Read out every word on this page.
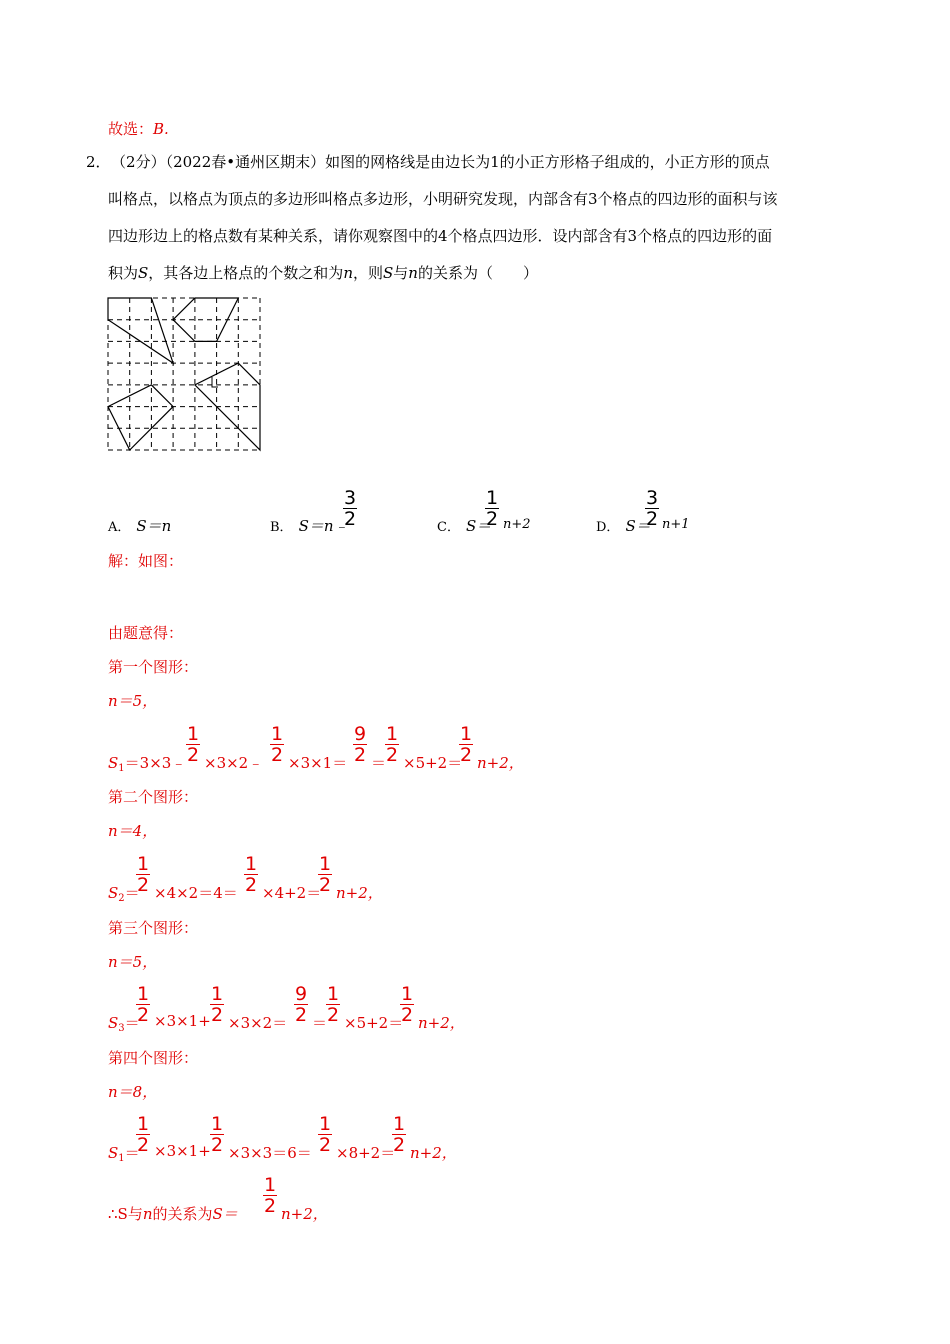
故选：B.
2． （2分）（2022春•通州区期末）如图的网格线是由边长为1的小正方形格子组成的，小正方形的顶点
叫格点，以格点为顶点的多边形叫格点多边形，小明研究发现，内部含有3个格点的四边形的面积与该
四边形边上的格点数有某种关系，请你观察图中的4个格点四边形．设内部含有3个格点的四边形的面
积为S，其各边上格点的个数之和为n，则S与n的关系为（　　）
A． S＝n	B． S＝n﹣
$\frac{3}{2}$	C． S＝
$\frac{1}{2} n+2$	D． S＝
$\frac{3}{2} n+1$
解：如图：
由题意得：
第一个图形：
n＝5，
$S_1=3\times 3﹣ \frac{1}{2}$ ×3×2﹣ $\frac{1}{2} \times 3\times 1= \frac{9}{2}$ ＝
$\frac{1}{2} \times 5+2=$
$\frac{1}{2} n+2$，
第二个图形：
n＝4，
$S_2=$
$\frac{1}{2} \times 4\times 2=4= \frac{1}{2} \times 4+2=$
$\frac{1}{2} n+2$，
第三个图形：
n＝5，
$S_3=$
$\frac{1}{2} \times 3\times 1+ \frac{1}{2} \times 3\times 2= \frac{9}{2}$ ＝
$\frac{1}{2} \times 5+2=$
$\frac{1}{2} n+2$，
第四个图形：
n＝8，
$S_1=$
$\frac{1}{2} \times 3\times 1+ \frac{1}{2} \times 3\times 3=6= \frac{1}{2} \times 8+2=$
$\frac{1}{2} n+2$，
∴S与n的关系为$S= \frac{1}{2} n+2$，
